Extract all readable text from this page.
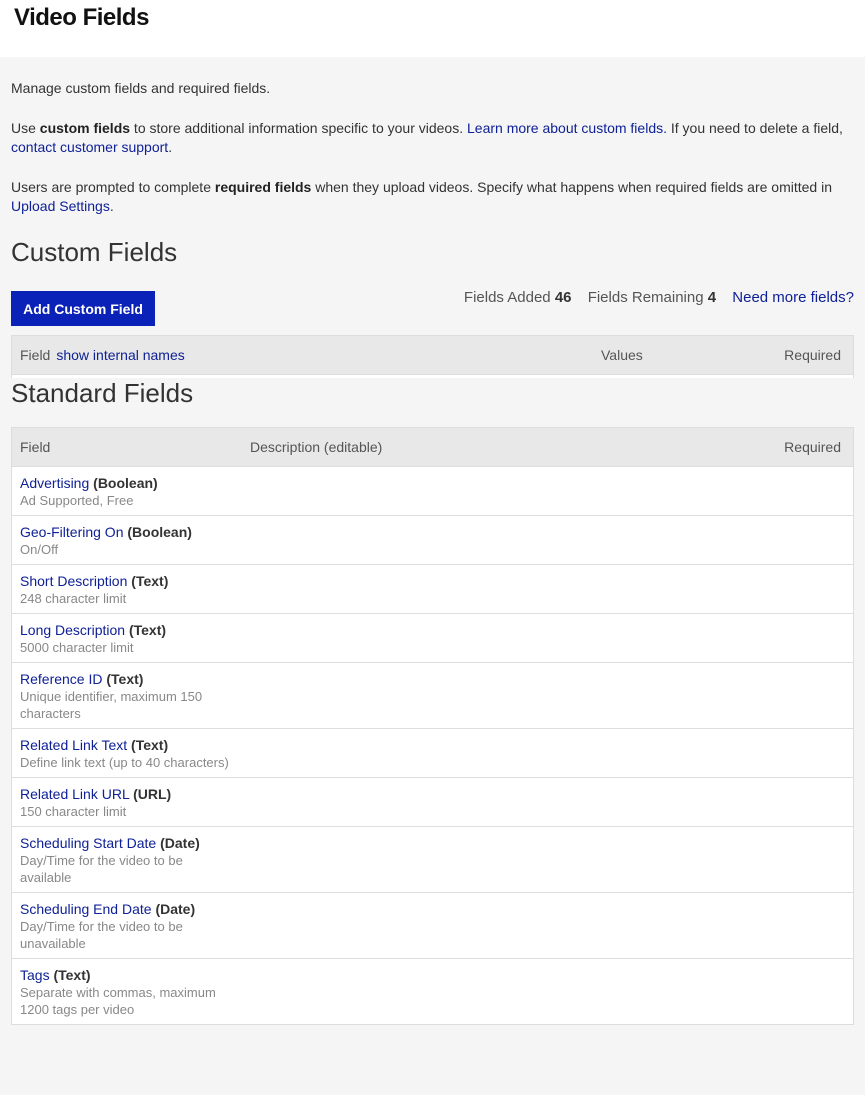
Video Fields

Manage custom fields and required fields.

Use custom fields to store additional information specific to your videos. Learn more about custom fields. If you need to delete a field, contact customer support.

Users are prompted to complete required fields when they upload videos. Specify what happens when required fields are omitted in Upload Settings.

Custom Fields
Add Custom Field
Fields Added 46 Fields Remaining 4 Need more fields?
Field show internal names	Values	Required
Standard Fields
Field	Description (editable)	Required
Advertising (Boolean)
Ad Supported, Free
Geo-Filtering On (Boolean)
On/Off
Short Description (Text)
248 character limit
Long Description (Text)
5000 character limit
Reference ID (Text)
Unique identifier, maximum 150 characters
Related Link Text (Text)
Define link text (up to 40 characters)
Related Link URL (URL)
150 character limit
Scheduling Start Date (Date)
Day/Time for the video to be available
Scheduling End Date (Date)
Day/Time for the video to be unavailable
Tags (Text)
Separate with commas, maximum 1200 tags per video
